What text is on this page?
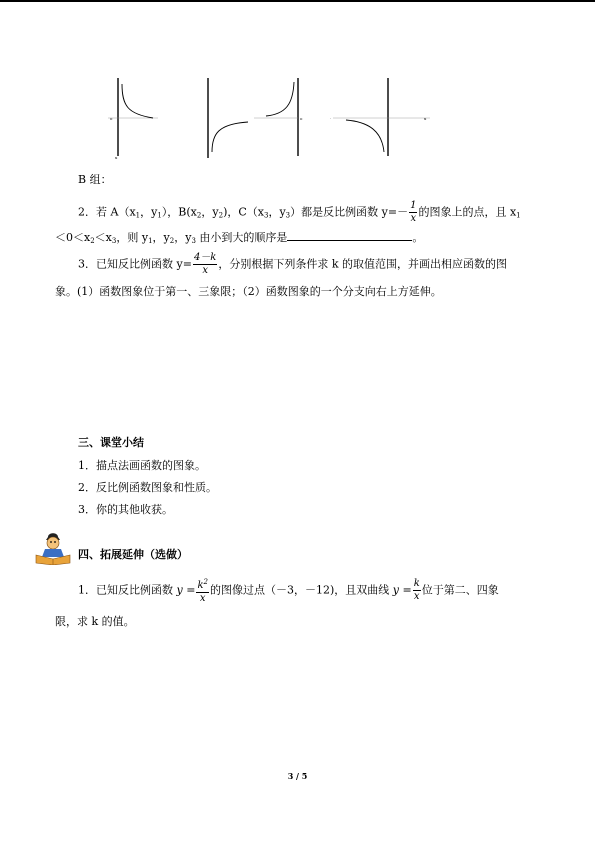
o
x
o	·	x
B 组：
2．若 $A(x_1$，$y_1$），$B(x_2$，$y_2$)，$C(x_3$，$y_3$）都是反比例函数 $y=- \frac{1}{x}$ 的图象上的点，且 $x_1$
$<0<x_2<x_3$，则 $y_1$，$y_2$，$y_3$ 由小到大的顺序是	。
3．已知反比例函数 $y= \frac{4-k}{x}$ ，分别根据下列条件求 k 的取值范围，并画出相应函数的图
象。(1）函数图象位于第一、三象限；（2）函数图象的一个分支向右上方延伸。
三、课堂小结
1．描点法画函数的图象。
2．反比例函数图象和性质。
3．你的其他收获。
四、拓展延伸（选做）
1．已知反比例函数 $y = \frac{k^2}{x}$ 的图像过点（－3，－12)，且双曲线 $y = \frac{k}{x}$ 位于第二、四象
限，求 k 的值。
3 / 5
